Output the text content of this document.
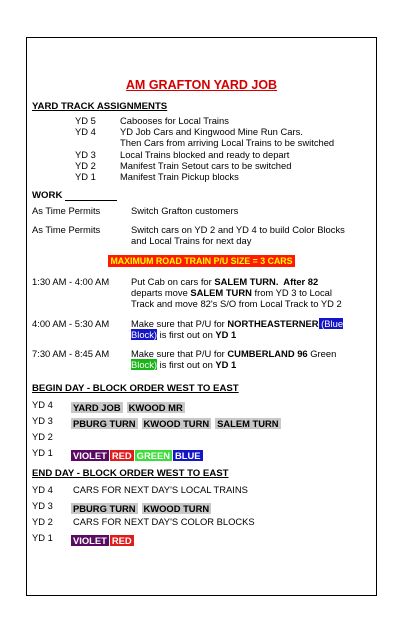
AM GRAFTON YARD JOB
YARD TRACK ASSIGNMENTS
YD 5	Cabooses for Local Trains
YD 4	YD Job Cars and Kingwood Mine Run Cars.
Then Cars from arriving Local Trains to be switched
YD 3	Local Trains blocked and ready to depart
YD 2	Manifest Train Setout cars to be switched
YD 1	Manifest Train Pickup blocks
WORK
As Time Permits	Switch Grafton customers
As Time Permits	Switch cars on YD 2 and YD 4 to build Color Blocks
and Local Trains for next day
MAXIMUM ROAD TRAIN P/U SIZE = 3 CARS
1:30 AM - 4:00 AM Put Cab on cars for SALEM TURN.  After 82
departs move SALEM TURN from YD 3 to Local
Track and move 82's S/O from Local Track to YD 2
4:00 AM - 5:30 AM Make sure that P/U for NORTHEASTERNER (Blue
Block) is first out on YD 1
7:30 AM - 8:45 AM Make sure that P/U for CUMBERLAND 96 Green
Block) is first out on YD 1
BEGIN DAY - BLOCK ORDER WEST TO EAST
YD 4 YARD JOB KWOOD MR
YD 3 PBURG TURN KWOOD TURN SALEM TURN
YD 2
YD 1 VIOLET RED GREEN BLUE
END DAY - BLOCK ORDER WEST TO EAST
YD 4 CARS FOR NEXT DAY'S LOCAL TRAINS
YD 3 PBURG TURN KWOOD TURN
YD 2 CARS FOR NEXT DAY'S COLOR BLOCKS
YD 1 VIOLET RED
